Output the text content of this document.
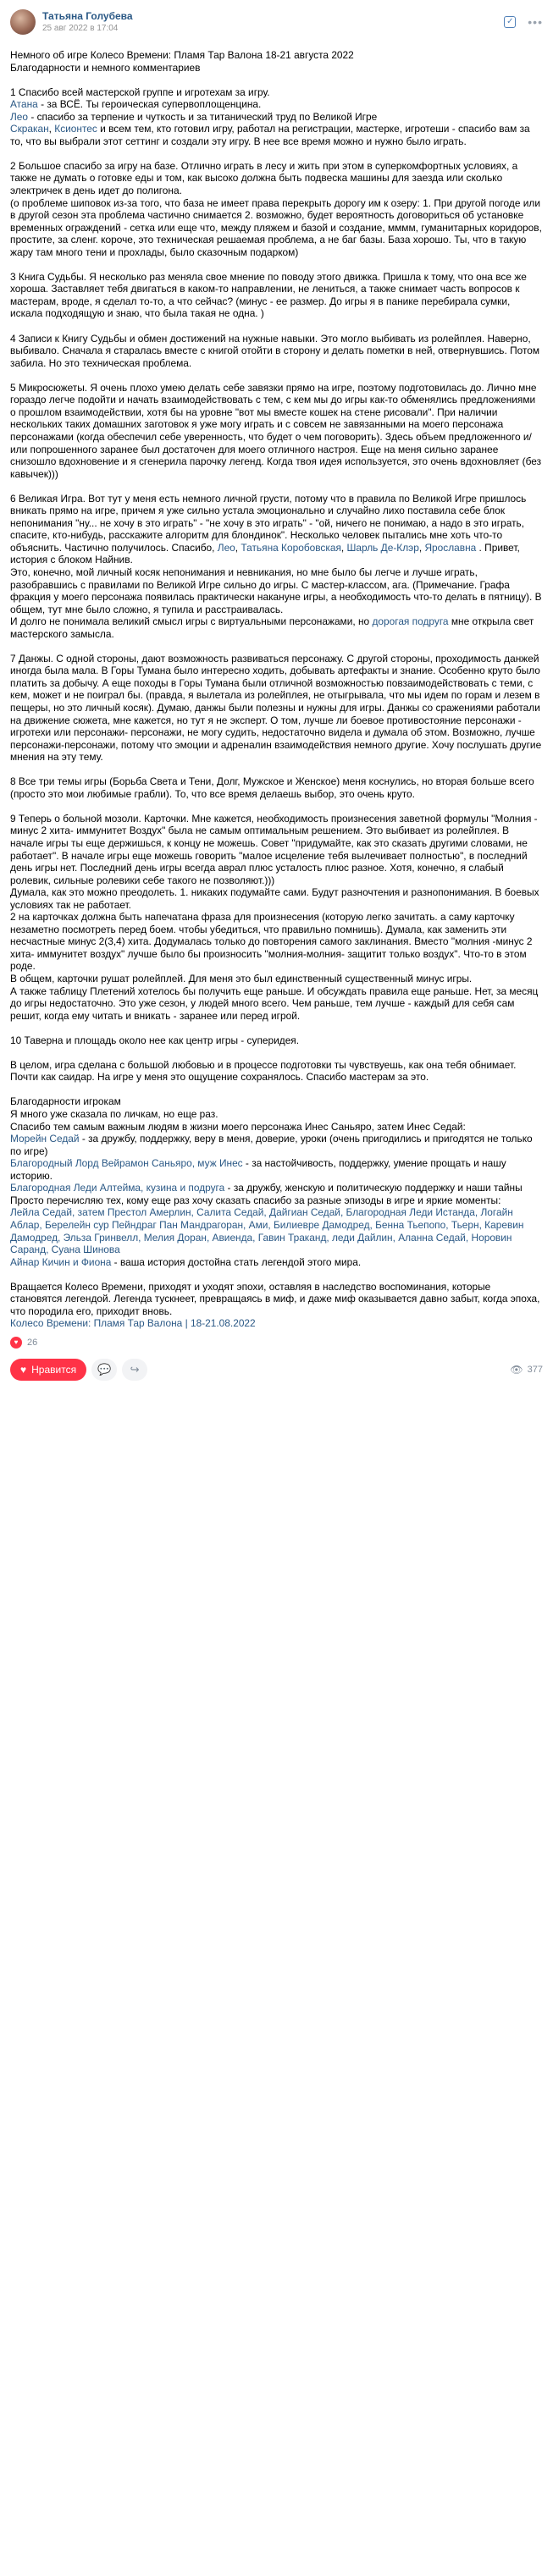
Татьяна Голубева
25 авг 2022 в 17:04
✓ •••

Немного об игре Колесо Времени: Пламя Тар Валона 18-21 августа 2022
Благодарности и немного комментариев

1 Спасибо всей мастерской группе и игротехам за игру.
Атана - за ВСЁ. Ты героическая супервоплощенцина.
Лео - спасибо за терпение и чуткость и за титанический труд по Великой Игре
Скракан, Ксионтес и всем тем, кто готовил игру, работал на регистрации, мастерке, игротеши - спасибо вам за то, что вы выбрали этот сеттинг и создали эту игру. В нее все время можно и нужно было играть.

2 Большое спасибо за игру на базе. Отлично играть в лесу и жить при этом в суперкомфортных условиях, а также не думать о готовке еды и том, как высоко должна быть подвеска машины для заезда или сколько электричек в день идет до полигона.
(о проблеме шиповок из-за того, что база не имеет права перекрыть дорогу им к озеру: 1. При другой погоде или в другой сезон эта проблема частично снимается 2. возможно, будет вероятность договориться об установке временных ограждений - сетка или еще что, между пляжем и базой и создание, мммм, гуманитарных коридоров, простите, за сленг. короче, это техническая решаемая проблема, а не баг базы. База хорошо. Ты, что в такую жару там много тени и прохлады, было сказочным подарком)

3 Книга Судьбы. Я несколько раз меняла свое мнение по поводу этого движка. Пришла к тому, что она все же хороша. Заставляет тебя двигаться в каком-то направлении, не лениться, а также снимает часть вопросов к мастерам, вроде, я сделал то-то, а что сейчас? (минус - ее размер. До игры я в панике перебирала сумки, искала подходящую и знаю, что была такая не одна. )

4 Записи к Книгу Судьбы и обмен достижений на нужные навыки. Это могло выбивать из ролейплея. Наверно, выбивало. Сначала я старалась вместе с книгой отойти в сторону и делать пометки в ней, отвернувшись. Потом забила. Но это техническая проблема.

5 Микросюжеты. Я очень плохо умею делать себе завязки прямо на игре, поэтому подготовилась до. Лично мне гораздо легче подойти и начать взаимодействовать с тем, с кем мы до игры как-то обменялись предложениями о прошлом взаимодействии, хотя бы на уровне "вот мы вместе кошек на стене рисовали". При наличии нескольких таких домашних заготовок я уже могу играть и с совсем не завязанными на моего персонажа персонажами (когда обеспечил себе уверенность, что будет о чем поговорить). Здесь объем предложенного и/или попрошенного заранее был достаточен для моего отличного настроя. Еще на меня сильно заранее снизошло вдохновение и я сгенерила парочку легенд. Когда твоя идея используется, это очень вдохновляет (без кавычек)))

6 Великая Игра. Вот тут у меня есть немного личной грусти, потому что в правила по Великой Игре пришлось вникать прямо на игре, причем я уже сильно устала эмоционально и случайно лихо поставила себе блок непонимания "ну... не хочу в это играть" - "не хочу в это играть" - "ой, ничего не понимаю, а надо в это играть, спасите, кто-нибудь, расскажите алгоритм для блондинок". Несколько человек пытались мне хоть что-то объяснить. Частично получилось. Спасибо, Лео, Татьяна Коробовская, Шарль Де-Клэр, Ярославна . Привет, история с блоком Найнив.
Это, конечно, мой личный косяк непонимания и невникания, но мне было бы легче и лучше играть, разобравшись с правилами по Великой Игре сильно до игры. С мастер-классом, ага. (Примечание. Графа фракция у моего персонажа появилась практически накануне игры, а необходимость что-то делать в пятницу). В общем, тут мне было сложно, я тупила и расстраивалась.
И долго не понимала великий смысл игры с виртуальными персонажами, но дорогая подруга мне открыла свет мастерского замысла.

7 Данжы. С одной стороны, дают возможность развиваться персонажу. С другой стороны, проходимость данжей иногда была мала. В Горы Тумана было интересно ходить, добывать артефакты и знание. Особенно круто было платить за добычу. А еще походы в Горы Тумана были отличной возможностью повзаимодействовать с теми, с кем, может и не поиграл бы. (правда, я вылетала из ролейплея, не отыгрывала, что мы идем по горам и лезем в пещеры, но это личный косяк). Думаю, данжы были полезны и нужны для игры. Данжы со сражениями работали на движение сюжета, мне кажется, но тут я не эксперт. О том, лучше ли боевое противостояние персонажи - игротехи или персонажи- персонажи, не могу судить, недостаточно видела и думала об этом. Возможно, лучше персонажи-персонажи, потому что эмоции и адреналин взаимодействия немного другие. Хочу послушать другие мнения на эту тему.

8 Все три темы игры (Борьба Света и Тени, Долг, Мужское и Женское) меня коснулись, но вторая больше всего (просто это мои любимые грабли). То, что все время делаешь выбор, это очень круто.

9 Теперь о больной мозоли. Карточки. Мне кажется, необходимость произнесения заветной формулы "Молния - минус 2 хита- иммунитет Воздух" была не самым оптимальным решением. Это выбивает из ролейплея. В начале игры ты еще держишься, к концу не можешь. Совет "придумайте, как это сказать другими словами, не работает". В начале игры еще можешь говорить "малое исцеление тебя вылечивает полностью", в последний день игры нет. Последний день игры всегда аврал плюс усталость плюс разное. Хотя, конечно, я слабый ролевик, сильные ролевики себе такого не позволяют.)))
Думала, как это можно преодолеть. 1. никаких подумайте сами. Будут разночтения и разнопонимания. В боевых условиях так не работает.
2 на карточках должна быть напечатана фраза для произнесения (которую легко зачитать. а саму карточку незаметно посмотреть перед боем. чтобы убедиться, что правильно помнишь). Думала, как заменить эти несчастные минус 2(3,4) хита. Додумалась только до повторения самого заклинания. Вместо "молния -минус 2 хита- иммунитет воздух" лучше было бы произносить "молния-молния- защитит только воздух". Что-то в этом роде.
В общем, карточки рушат ролейплей. Для меня это был единственный существенный минус игры.
А также таблицу Плетений хотелось бы получить еще раньше. И обсуждать правила еще раньше. Нет, за месяц до игры недостаточно. Это уже сезон, у людей много всего. Чем раньше, тем лучше - каждый для себя сам решит, когда ему читать и вникать - заранее или перед игрой.

10 Таверна и площадь около нее как центр игры - суперидея.

В целом, игра сделана с большой любовью и в процессе подготовки ты чувствуешь, как она тебя обнимает. Почти как саидар. На игре у меня это ощущение сохранялось. Спасибо мастерам за это.

Благодарности игрокам
Я много уже сказала по личкам, но еще раз.
Спасибо тем самым важным людям в жизни моего персонажа Инес Саньяро, затем Инес Седай:
Морейн Седай - за дружбу, поддержку, веру в меня, доверие, уроки (очень пригодились и пригодятся не только по игре)
Благородный Лорд Вейрамон Саньяро, муж Инес - за настойчивость, поддержку, умение прощать и нашу историю.
Благородная Леди Алтейма, кузина и подруга - за дружбу, женскую и политическую поддержку и наши тайны
Просто перечисляю тех, кому еще раз хочу сказать спасибо за разные эпизоды в игре и яркие моменты:
Лейла Седай, затем Престол Амерлин, Салита Седай, Дайгиан Седай, Благородная Леди Истанда, Логайн Аблар, Берелейн сур Пейндраг Пан Мандрагоран, Ами, Билиевре Дамодред, Бенна Тьепопо, Тьерн, Каревин Дамодред, Эльза Гринвелл, Мелия Доран, Авиенда, Гавин Траканд, леди Дайлин, Аланна Седай, Норовин Саранд, Суана Шинова
Айнар Кичин и Фиона - ваша история достойна стать легендой этого мира.

Вращается Колесо Времени, приходят и уходят эпохи, оставляя в наследство воспоминания, которые становятся легендой. Легенда тускнеет, превращаясь в миф, и даже миф оказывается давно забыт, когда эпоха, что породила его, приходит вновь.
Колесо Времени: Пламя Тар Валона | 18-21.08.2022

♥ 26
♥ Нравится 💬 ↪	👁 377
